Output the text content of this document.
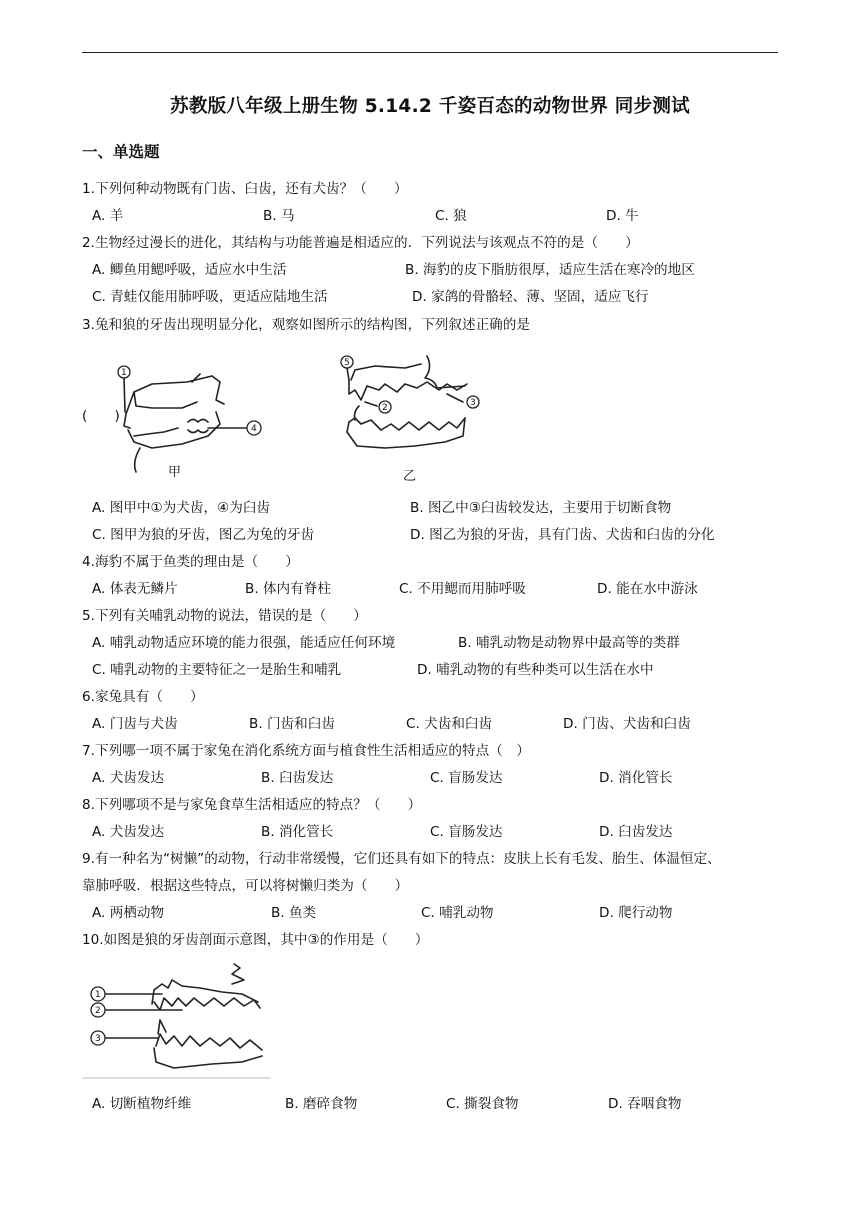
苏教版八年级上册生物 5.14.2 千姿百态的动物世界 同步测试
一、单选题
1.下列何种动物既有门齿、臼齿，还有犬齿？（　　）
A. 羊	B. 马	C. 狼	D. 牛
2.生物经过漫长的进化，其结构与功能普遍是相适应的．下列说法与该观点不符的是（　　）
A. 鲫鱼用鳃呼吸，适应水中生活	B. 海豹的皮下脂肪很厚，适应生活在寒冷的地区
C. 青蛙仅能用肺呼吸，更适应陆地生活	D. 家鸽的骨骼轻、薄、坚固，适应飞行
3.兔和狼的牙齿出现明显分化，观察如图所示的结构图，下列叙述正确的是
(　　)
1
4
甲
5
2	3
乙
A. 图甲中①为犬齿，④为臼齿	B. 图乙中③臼齿较发达，主要用于切断食物
C. 图甲为狼的牙齿，图乙为兔的牙齿	D. 图乙为狼的牙齿，具有门齿、犬齿和臼齿的分化
4.海豹不属于鱼类的理由是（　　）
A. 体表无鳞片	B. 体内有脊柱	C. 不用鳃而用肺呼吸	D. 能在水中游泳
5.下列有关哺乳动物的说法，错误的是（　　）
A. 哺乳动物适应环境的能力很强，能适应任何环境	B. 哺乳动物是动物界中最高等的类群
C. 哺乳动物的主要特征之一是胎生和哺乳	D. 哺乳动物的有些种类可以生活在水中
6.家兔具有（　　）
A. 门齿与犬齿	B. 门齿和臼齿	C. 犬齿和臼齿	D. 门齿、犬齿和臼齿
7.下列哪一项不属于家兔在消化系统方面与植食性生活相适应的特点（　）
A. 犬齿发达	B. 臼齿发达	C. 盲肠发达	D. 消化管长
8.下列哪项不是与家兔食草生活相适应的特点？（　　）
A. 犬齿发达	B. 消化管长	C. 盲肠发达	D. 臼齿发达
9.有一种名为“树懒”的动物，行动非常缓慢，它们还具有如下的特点：皮肤上长有毛发、胎生、体温恒定、
靠肺呼吸．根据这些特点，可以将树懒归类为（　　）
A. 两栖动物	B. 鱼类	C. 哺乳动物	D. 爬行动物
10.如图是狼的牙齿剖面示意图，其中③的作用是（　　）
1
2
3
A. 切断植物纤维	B. 磨碎食物	C. 撕裂食物	D. 吞咽食物
